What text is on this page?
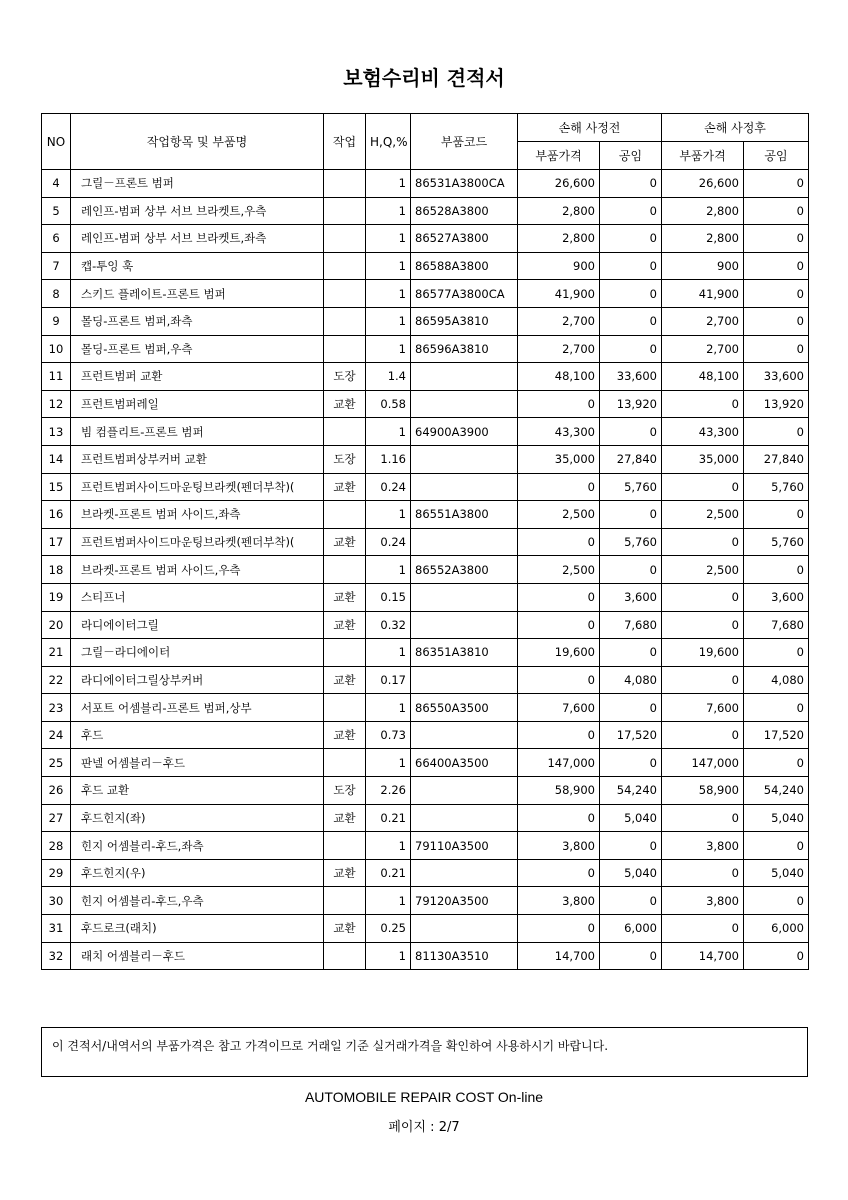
보험수리비 견적서
NO	작업항목 및 부품명	작업	H,Q,%	부품코드	손해 사정전		손해 사정후	
					부품가격	공임	부품가격	공임
4	그릴－프론트 범퍼		1	86531A3800CA	26,600	0	26,600	0
5	레인프-범퍼 상부 서브 브라켓트,우측		1	86528A3800	2,800	0	2,800	0
6	레인프-범퍼 상부 서브 브라켓트,좌측		1	86527A3800	2,800	0	2,800	0
7	캡-투잉 훅		1	86588A3800	900	0	900	0
8	스키드 플레이트-프론트 범퍼		1	86577A3800CA	41,900	0	41,900	0
9	몰딩-프론트 범퍼,좌측		1	86595A3810	2,700	0	2,700	0
10	몰딩-프론트 범퍼,우측		1	86596A3810	2,700	0	2,700	0
11	프런트범퍼 교환	도장	1.4		48,100	33,600	48,100	33,600
12	프런트범퍼레일	교환	0.58		0	13,920	0	13,920
13	빔 컴플리트-프론트 범퍼		1	64900A3900	43,300	0	43,300	0
14	프런트범퍼상부커버 교환	도장	1.16		35,000	27,840	35,000	27,840
15	프런트범퍼사이드마운팅브라켓(펜더부착)(	교환	0.24		0	5,760	0	5,760
16	브라켓-프론트 범퍼 사이드,좌측		1	86551A3800	2,500	0	2,500	0
17	프런트범퍼사이드마운팅브라켓(펜더부착)(	교환	0.24		0	5,760	0	5,760
18	브라켓-프론트 범퍼 사이드,우측		1	86552A3800	2,500	0	2,500	0
19	스티프너	교환	0.15		0	3,600	0	3,600
20	라디에이터그릴	교환	0.32		0	7,680	0	7,680
21	그릴－라디에이터		1	86351A3810	19,600	0	19,600	0
22	라디에이터그릴상부커버	교환	0.17		0	4,080	0	4,080
23	서포트 어셈블리-프론트 범퍼,상부		1	86550A3500	7,600	0	7,600	0
24	후드	교환	0.73		0	17,520	0	17,520
25	판넬 어셈블리－후드		1	66400A3500	147,000	0	147,000	0
26	후드 교환	도장	2.26		58,900	54,240	58,900	54,240
27	후드힌지(좌)	교환	0.21		0	5,040	0	5,040
28	힌지 어셈블리-후드,좌측		1	79110A3500	3,800	0	3,800	0
29	후드힌지(우)	교환	0.21		0	5,040	0	5,040
30	힌지 어셈블리-후드,우측		1	79120A3500	3,800	0	3,800	0
31	후드로크(래치)	교환	0.25		0	6,000	0	6,000
32	래치 어셈블리－후드		1	81130A3510	14,700	0	14,700	0
이 견적서/내역서의 부품가격은 참고 가격이므로 거래일 기준 실거래가격을 확인하여 사용하시기 바랍니다.
AUTOMOBILE REPAIR COST On-line
페이지 : 2/7
